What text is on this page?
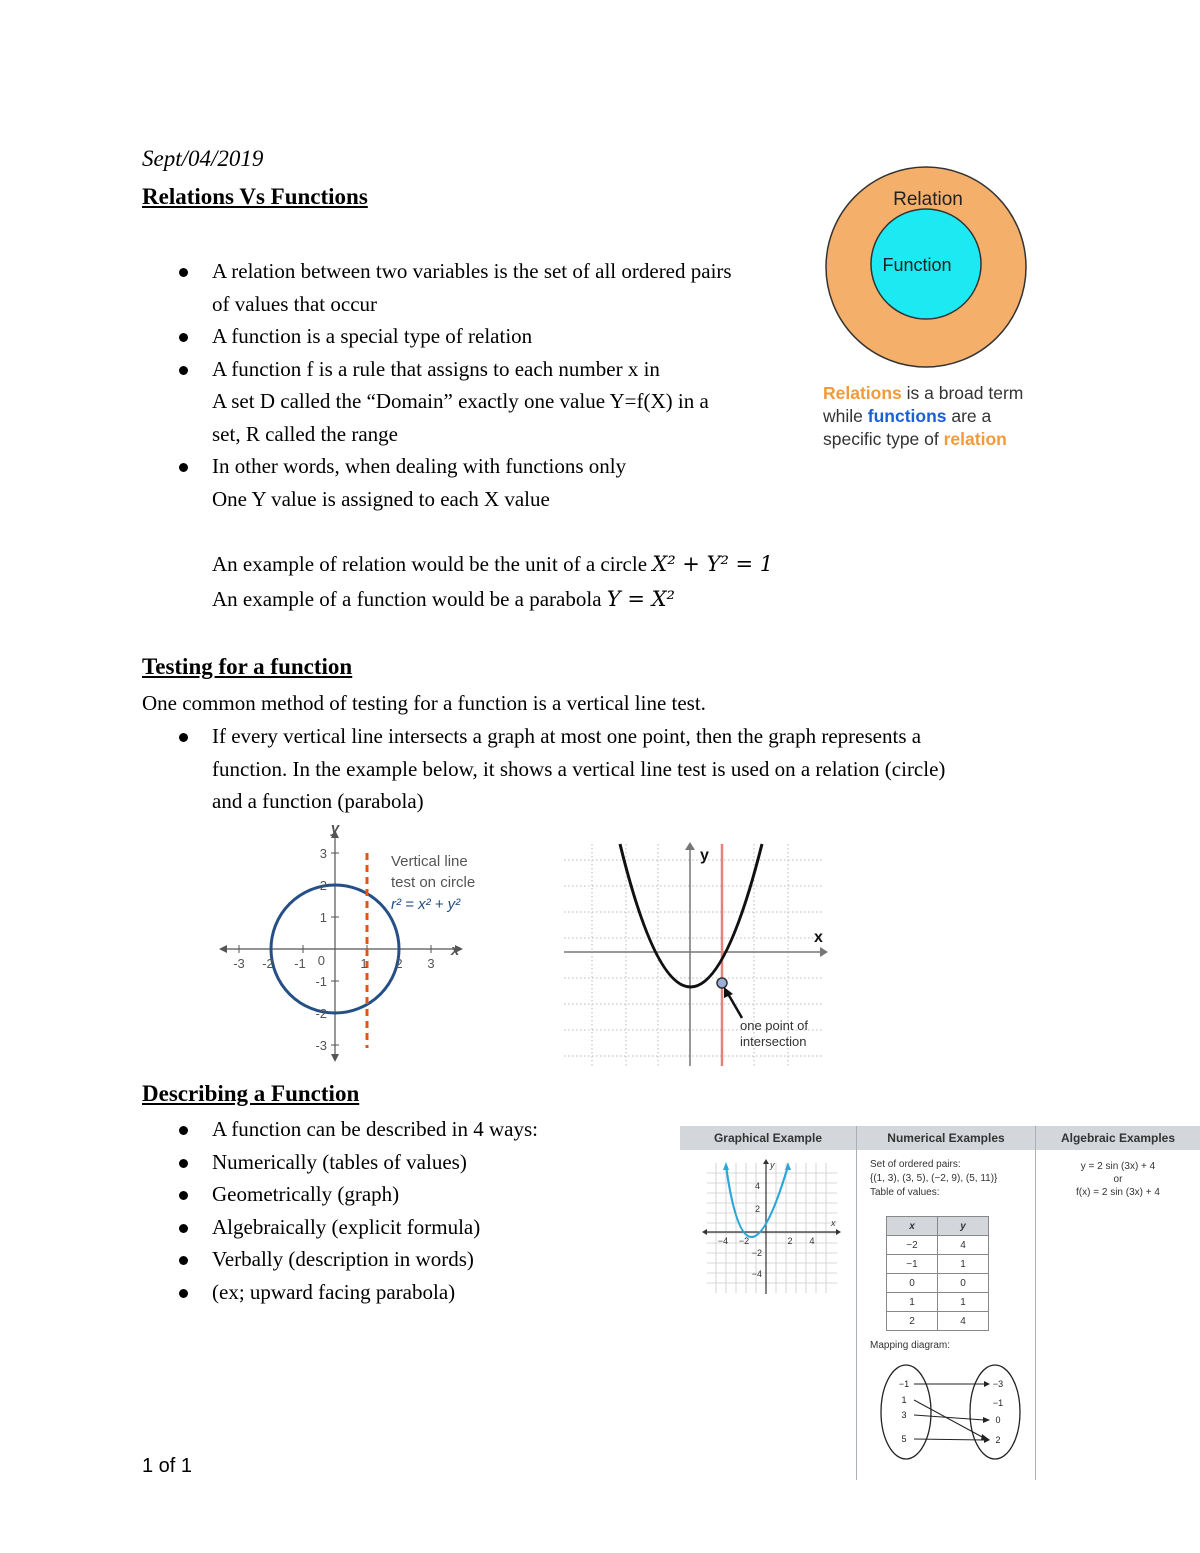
Sept/04/2019
Relations Vs Functions
A relation between two variables is the set of all ordered pairs
of values that occur
A function is a special type of relation
A function f is a rule that assigns to each number x in
A set D called the “Domain” exactly one value Y=f(X) in a
set, R called the range
In other words, when dealing with functions only
One Y value is assigned to each X value
An example of relation would be the unit of a circle X² + Y² = 1
An example of a function would be a parabola Y = X²
Relation
Function
Relations is a broad term while functions are a specific type of relation
Testing for a function
One common method of testing for a function is a vertical line test.
If every vertical line intersects a graph at most one point, then the graph represents a
function. In the example below, it shows a vertical line test is used on a relation (circle)
and a function (parabola)
y
x
0
3
2
1
-1
-2
-3
-3 -2 -1	1 2 3
Vertical line
test on circle
r² = x² + y²
y
x
one point of
intersection
Describing a Function
A function can be described in 4 ways:
Numerically (tables of values)
Geometrically (graph)
Algebraically (explicit formula)
Verbally (description in words)
(ex; upward facing parabola)
Graphical Example	Numerical Examples	Algebraic Examples
4
2
−2
−4
−4 −2	2 4
x
y	Set of ordered pairs:
{(1, 3), (3, 5), (−2, 9), (5, 11)}
Table of values:
x	y
−2	4
−1	1
0	0
1	1
2	4
Mapping diagram:
−1
1
3
5
−3
−1
0
2
y = 2 sin (3x) + 4
or
f(x) = 2 sin (3x) + 4
1 of 1
